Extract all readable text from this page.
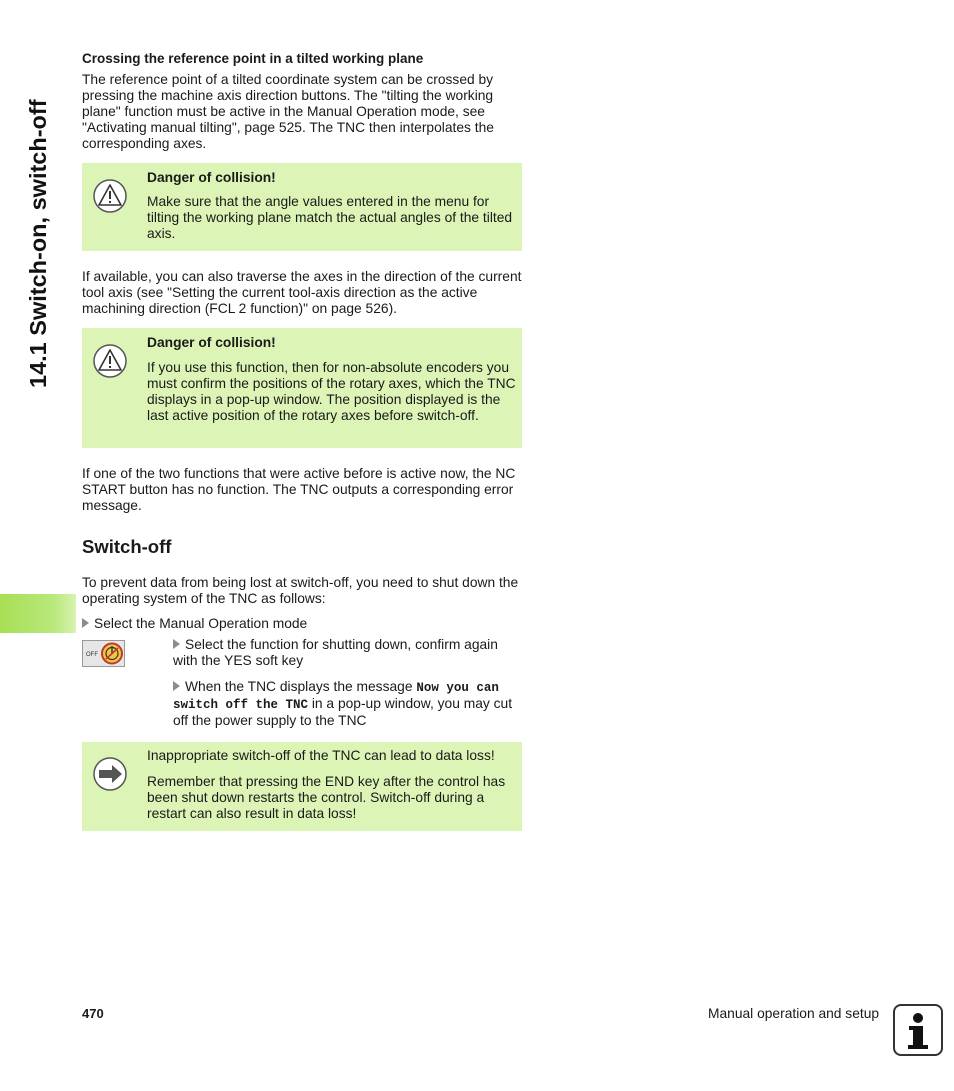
14.1 Switch-on, switch-off
Crossing the reference point in a tilted working plane
The reference point of a tilted coordinate system can be crossed by pressing the machine axis direction buttons. The "tilting the working plane" function must be active in the Manual Operation mode, see "Activating manual tilting", page 525. The TNC then interpolates the corresponding axes.
Danger of collision!
Make sure that the angle values entered in the menu for tilting the working plane match the actual angles of the tilted axis.
If available, you can also traverse the axes in the direction of the current tool axis (see "Setting the current tool-axis direction as the active machining direction (FCL 2 function)" on page 526).
Danger of collision!
If you use this function, then for non-absolute encoders you must confirm the positions of the rotary axes, which the TNC displays in a pop-up window. The position displayed is the last active position of the rotary axes before switch-off.
If one of the two functions that were active before is active now, the NC START button has no function. The TNC outputs a corresponding error message.
Switch-off
To prevent data from being lost at switch-off, you need to shut down the operating system of the TNC as follows:
Select the Manual Operation mode
OFF
Select the function for shutting down, confirm again with the YES soft key
When the TNC displays the message Now you can switch off the TNC in a pop-up window, you may cut off the power supply to the TNC
Inappropriate switch-off of the TNC can lead to data loss!
Remember that pressing the END key after the control has been shut down restarts the control. Switch-off during a restart can also result in data loss!
470	Manual operation and setup
